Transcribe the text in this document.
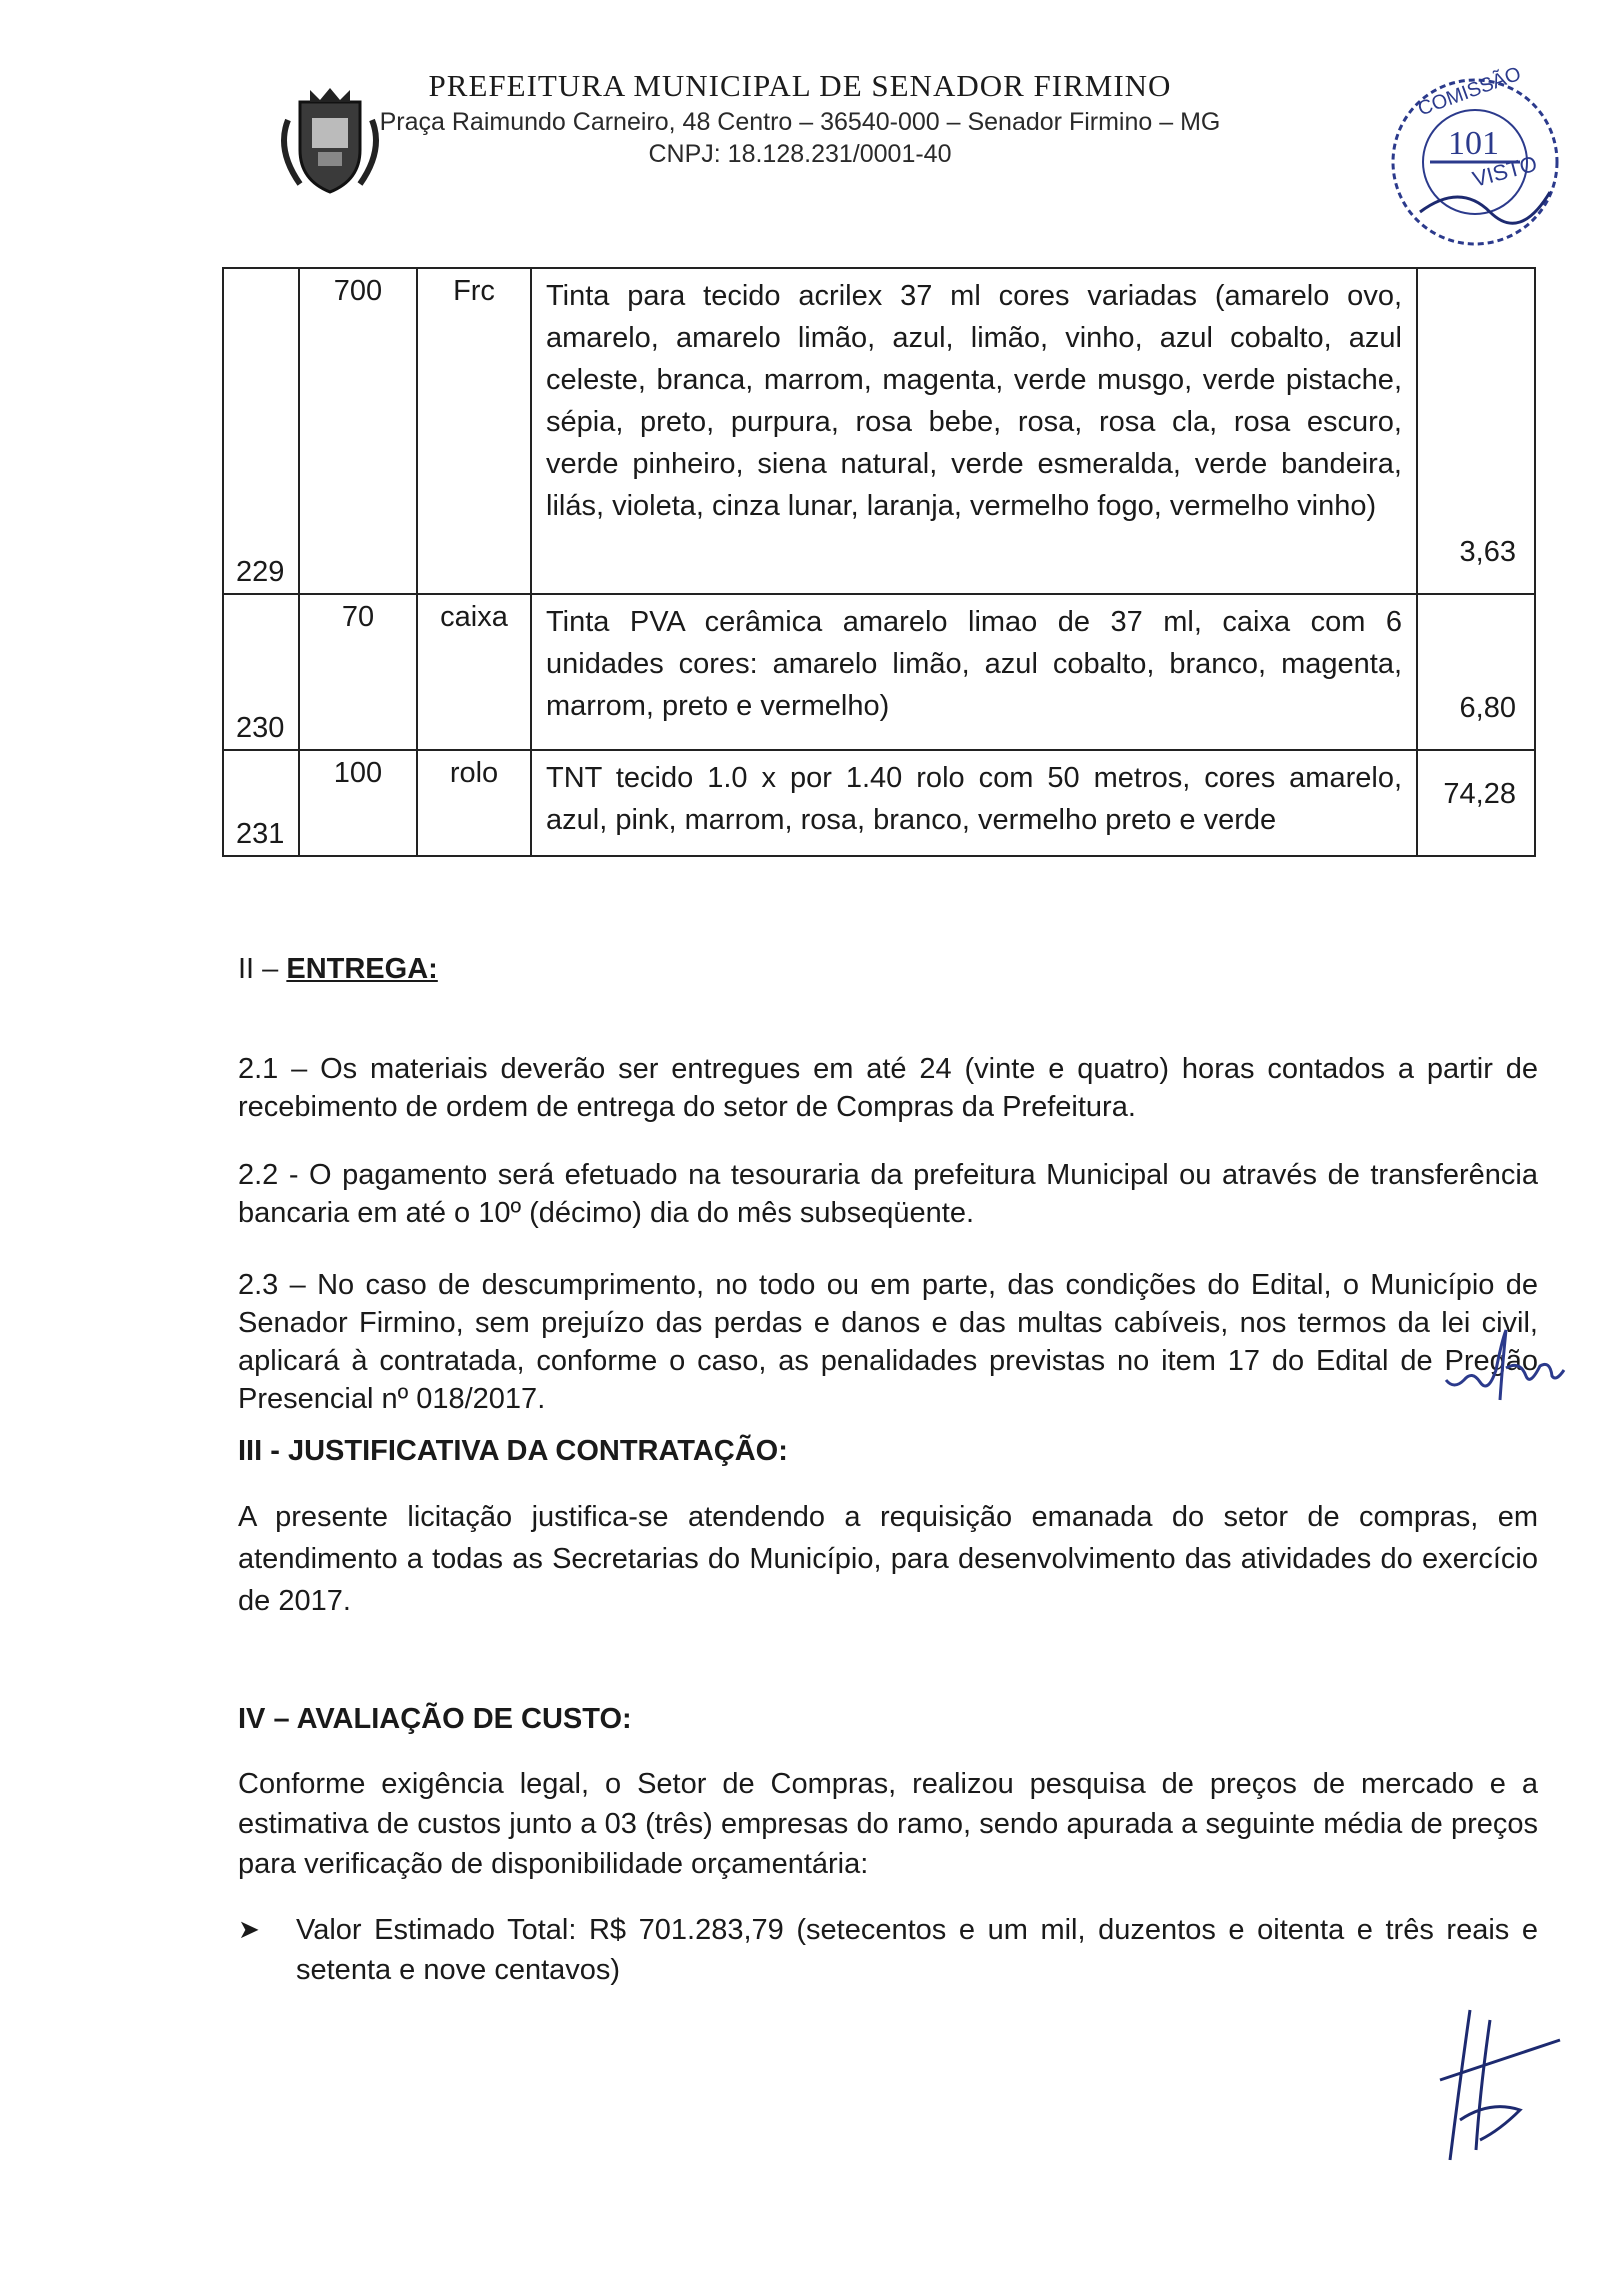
PREFEITURA MUNICIPAL DE SENADOR FIRMINO
Praça Raimundo Carneiro, 48 Centro – 36540-000 – Senador Firmino – MG
CNPJ: 18.128.231/0001-40
COMISSÃO
101
VISTO
229	700	Frc	Tinta para tecido acrilex 37 ml cores variadas (amarelo ovo, amarelo, amarelo limão, azul, limão, vinho, azul cobalto, azul celeste, branca, marrom, magenta, verde musgo, verde pistache, sépia, preto, purpura, rosa bebe, rosa, rosa cla, rosa escuro, verde pinheiro, siena natural, verde esmeralda, verde bandeira, lilás, violeta, cinza lunar, laranja, vermelho fogo, vermelho vinho)	3,63
230	70	caixa	Tinta PVA cerâmica amarelo limao de 37 ml, caixa com 6 unidades cores: amarelo limão, azul cobalto, branco, magenta, marrom, preto e vermelho)	6,80
231	100	rolo	TNT tecido 1.0 x por 1.40 rolo com 50 metros, cores amarelo, azul, pink, marrom, rosa, branco, vermelho preto e verde	74,28
II – ENTREGA:

2.1 – Os materiais deverão ser entregues em até 24 (vinte e quatro) horas contados a partir de recebimento de ordem de entrega do setor de Compras da Prefeitura.

2.2 - O pagamento será efetuado na tesouraria da prefeitura Municipal ou através de transferência bancaria em até o 10º (décimo) dia do mês subseqüente.

2.3 – No caso de descumprimento, no todo ou em parte, das condições do Edital, o Município de Senador Firmino, sem prejuízo das perdas e danos e das multas cabíveis, nos termos da lei civil, aplicará à contratada, conforme o caso, as penalidades previstas no item 17 do Edital de Pregão Presencial nº 018/2017.

III - JUSTIFICATIVA DA CONTRATAÇÃO:

A presente licitação justifica-se atendendo a requisição emanada do setor de compras, em atendimento a todas as Secretarias do Município, para desenvolvimento das atividades do exercício de 2017.

IV – AVALIAÇÃO DE CUSTO:

Conforme exigência legal, o Setor de Compras, realizou pesquisa de preços de mercado e a estimativa de custos junto a 03 (três) empresas do ramo, sendo apurada a seguinte média de preços para verificação de disponibilidade orçamentária:

➤	Valor Estimado Total: R$ 701.283,79 (setecentos e um mil, duzentos e oitenta e três reais e setenta e nove centavos)
